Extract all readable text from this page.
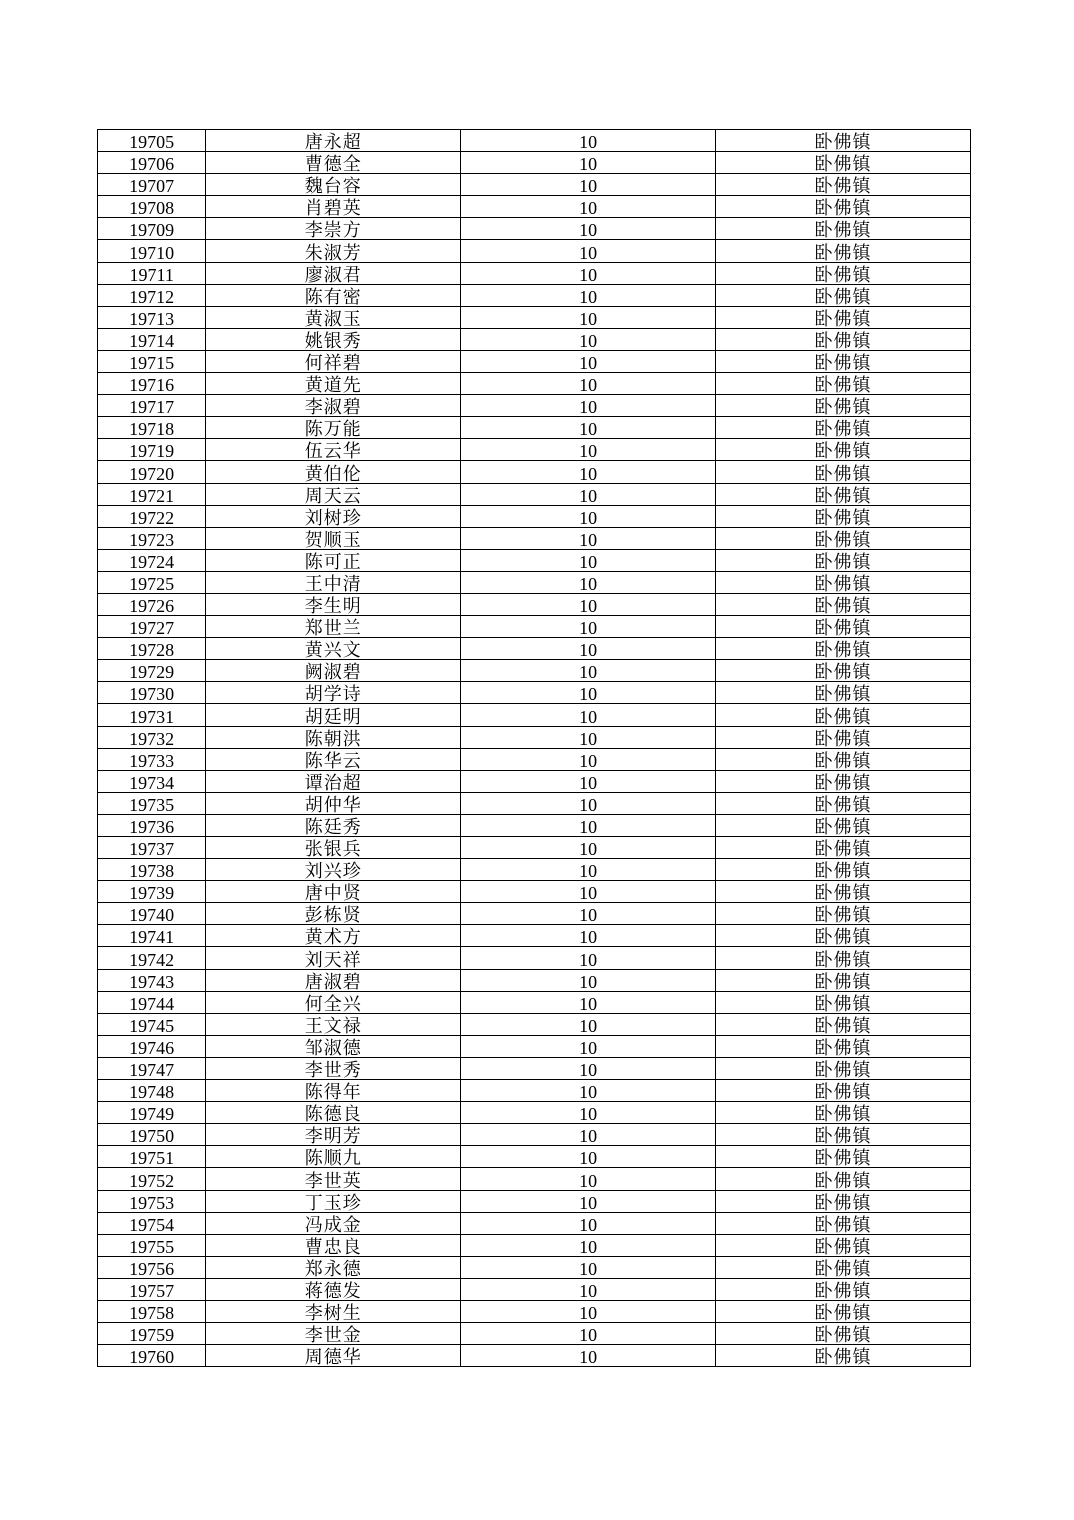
19705	唐永超	10	卧佛镇
19706	曹德全	10	卧佛镇
19707	魏台容	10	卧佛镇
19708	肖碧英	10	卧佛镇
19709	李崇方	10	卧佛镇
19710	朱淑芳	10	卧佛镇
19711	廖淑君	10	卧佛镇
19712	陈有密	10	卧佛镇
19713	黄淑玉	10	卧佛镇
19714	姚银秀	10	卧佛镇
19715	何祥碧	10	卧佛镇
19716	黄道先	10	卧佛镇
19717	李淑碧	10	卧佛镇
19718	陈万能	10	卧佛镇
19719	伍云华	10	卧佛镇
19720	黄伯伦	10	卧佛镇
19721	周天云	10	卧佛镇
19722	刘树珍	10	卧佛镇
19723	贺顺玉	10	卧佛镇
19724	陈可正	10	卧佛镇
19725	王中清	10	卧佛镇
19726	李生明	10	卧佛镇
19727	郑世兰	10	卧佛镇
19728	黄兴文	10	卧佛镇
19729	阙淑碧	10	卧佛镇
19730	胡学诗	10	卧佛镇
19731	胡廷明	10	卧佛镇
19732	陈朝洪	10	卧佛镇
19733	陈华云	10	卧佛镇
19734	谭治超	10	卧佛镇
19735	胡仲华	10	卧佛镇
19736	陈廷秀	10	卧佛镇
19737	张银兵	10	卧佛镇
19738	刘兴珍	10	卧佛镇
19739	唐中贤	10	卧佛镇
19740	彭栋贤	10	卧佛镇
19741	黄术方	10	卧佛镇
19742	刘天祥	10	卧佛镇
19743	唐淑碧	10	卧佛镇
19744	何全兴	10	卧佛镇
19745	王文禄	10	卧佛镇
19746	邹淑德	10	卧佛镇
19747	李世秀	10	卧佛镇
19748	陈得年	10	卧佛镇
19749	陈德良	10	卧佛镇
19750	李明芳	10	卧佛镇
19751	陈顺九	10	卧佛镇
19752	李世英	10	卧佛镇
19753	丁玉珍	10	卧佛镇
19754	冯成金	10	卧佛镇
19755	曹忠良	10	卧佛镇
19756	郑永德	10	卧佛镇
19757	蒋德发	10	卧佛镇
19758	李树生	10	卧佛镇
19759	李世金	10	卧佛镇
19760	周德华	10	卧佛镇
